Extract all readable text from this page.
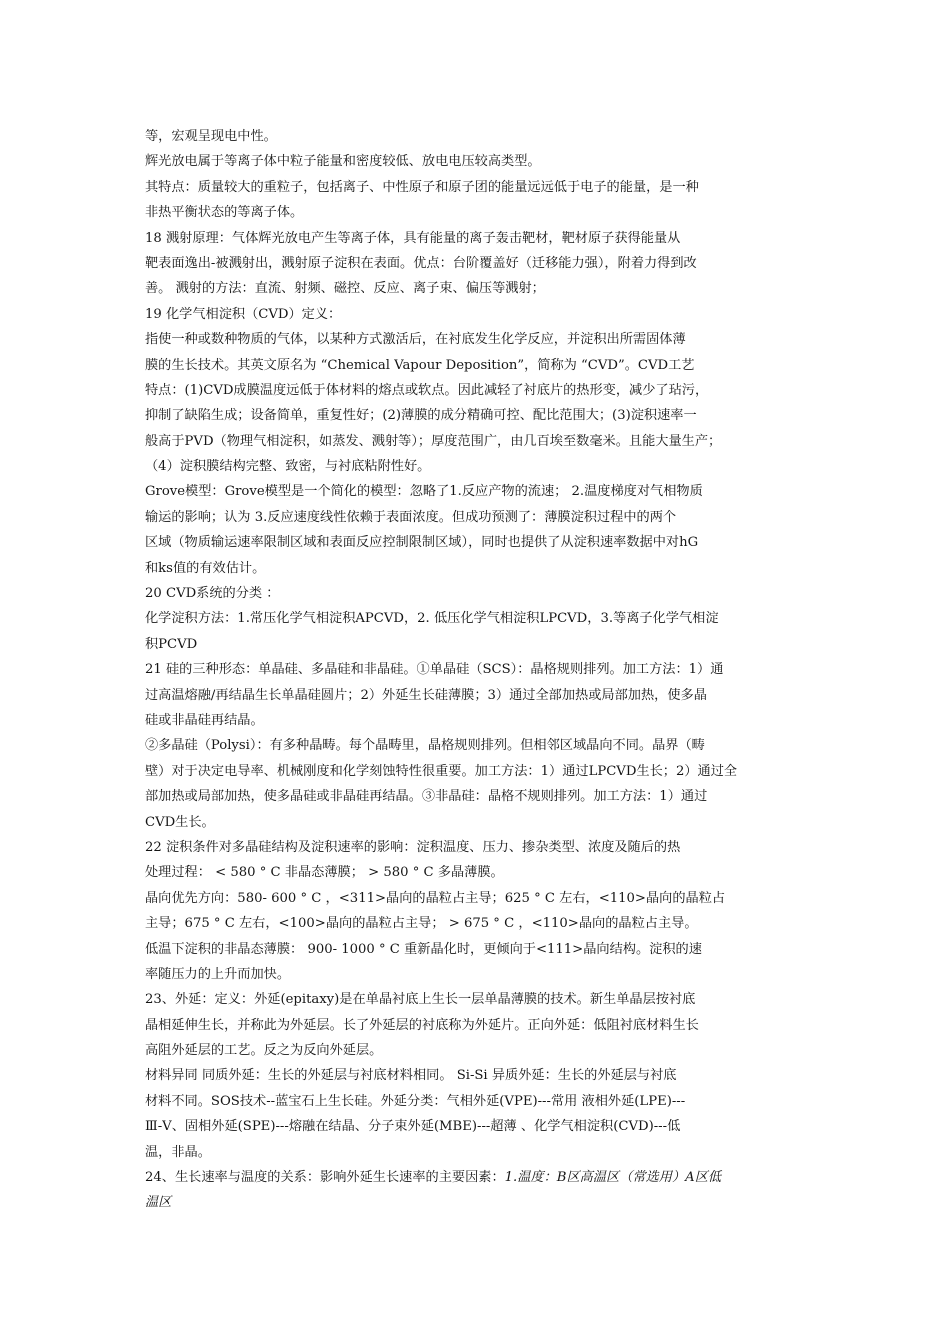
等，宏观呈现电中性。
辉光放电属于等离子体中粒子能量和密度较低、放电电压较高类型。
其特点：质量较大的重粒子，包括离子、中性原子和原子团的能量远远低于电子的能量，是一种
非热平衡状态的等离子体。
18 溅射原理：气体辉光放电产生等离子体，具有能量的离子轰击靶材，靶材原子获得能量从
靶表面逸出-被溅射出，溅射原子淀积在表面。优点：台阶覆盖好（迁移能力强），附着力得到改
善。 溅射的方法：直流、射频、磁控、反应、离子束、偏压等溅射；
19 化学气相淀积（CVD）定义：
指使一种或数种物质的气体，以某种方式激活后，在衬底发生化学反应，并淀积出所需固体薄
膜的生长技术。其英文原名为 “Chemical Vapour Deposition”，简称为 “CVD”。CVD工艺
特点：(1)CVD成膜温度远低于体材料的熔点或软点。因此减轻了衬底片的热形变，减少了玷污，
抑制了缺陷生成；设备简单，重复性好；(2)薄膜的成分精确可控、配比范围大；(3)淀积速率一
般高于PVD（物理气相淀积，如蒸发、溅射等）；厚度范围广，由几百埃至数毫米。且能大量生产；
（4）淀积膜结构完整、致密，与衬底粘附性好。
Grove模型：Grove模型是一个简化的模型：忽略了1.反应产物的流速； 2.温度梯度对气相物质
输运的影响；认为 3.反应速度线性依赖于表面浓度。但成功预测了：薄膜淀积过程中的两个
区域（物质输运速率限制区域和表面反应控制限制区域），同时也提供了从淀积速率数据中对hG
和ks值的有效估计。
20 CVD系统的分类 ：
化学淀积方法：1.常压化学气相淀积APCVD，2. 低压化学气相淀积LPCVD，3.等离子化学气相淀
积PCVD
21 硅的三种形态：单晶硅、多晶硅和非晶硅。①单晶硅（SCS）：晶格规则排列。加工方法：1）通
过高温熔融/再结晶生长单晶硅圆片；2）外延生长硅薄膜；3）通过全部加热或局部加热，使多晶
硅或非晶硅再结晶。
②多晶硅（Polysi）：有多种晶畴。每个晶畴里，晶格规则排列。但相邻区域晶向不同。晶界（畴
壁）对于决定电导率、机械刚度和化学刻蚀特性很重要。加工方法：1）通过LPCVD生长；2）通过全
部加热或局部加热，使多晶硅或非晶硅再结晶。③非晶硅：晶格不规则排列。加工方法：1）通过
CVD生长。
22 淀积条件对多晶硅结构及淀积速率的影响：淀积温度、压力、掺杂类型、浓度及随后的热
处理过程： < 580 ° C 非晶态薄膜； > 580 ° C 多晶薄膜。
晶向优先方向：580- 600 ° C ，<311>晶向的晶粒占主导；625 ° C 左右，<110>晶向的晶粒占
主导；675 ° C 左右，<100>晶向的晶粒占主导； > 675 ° C ，<110>晶向的晶粒占主导。
低温下淀积的非晶态薄膜： 900- 1000 ° C 重新晶化时，更倾向于<111>晶向结构。淀积的速
率随压力的上升而加快。
23、外延：定义：外延(epitaxy)是在单晶衬底上生长一层单晶薄膜的技术。新生单晶层按衬底
晶相延伸生长，并称此为外延层。长了外延层的衬底称为外延片。正向外延：低阻衬底材料生长
高阻外延层的工艺。反之为反向外延层。
材料异同 同质外延：生长的外延层与衬底材料相同。 Si-Si 异质外延：生长的外延层与衬底
材料不同。SOS技术--蓝宝石上生长硅。外延分类：气相外延(VPE)---常用 液相外延(LPE)---
Ⅲ-Ⅴ、固相外延(SPE)---熔融在结晶、分子束外延(MBE)---超薄 、化学气相淀积(CVD)---低
温，非晶。
24、生长速率与温度的关系：影响外延生长速率的主要因素：1.温度：B区高温区（常选用）A区低
温区
